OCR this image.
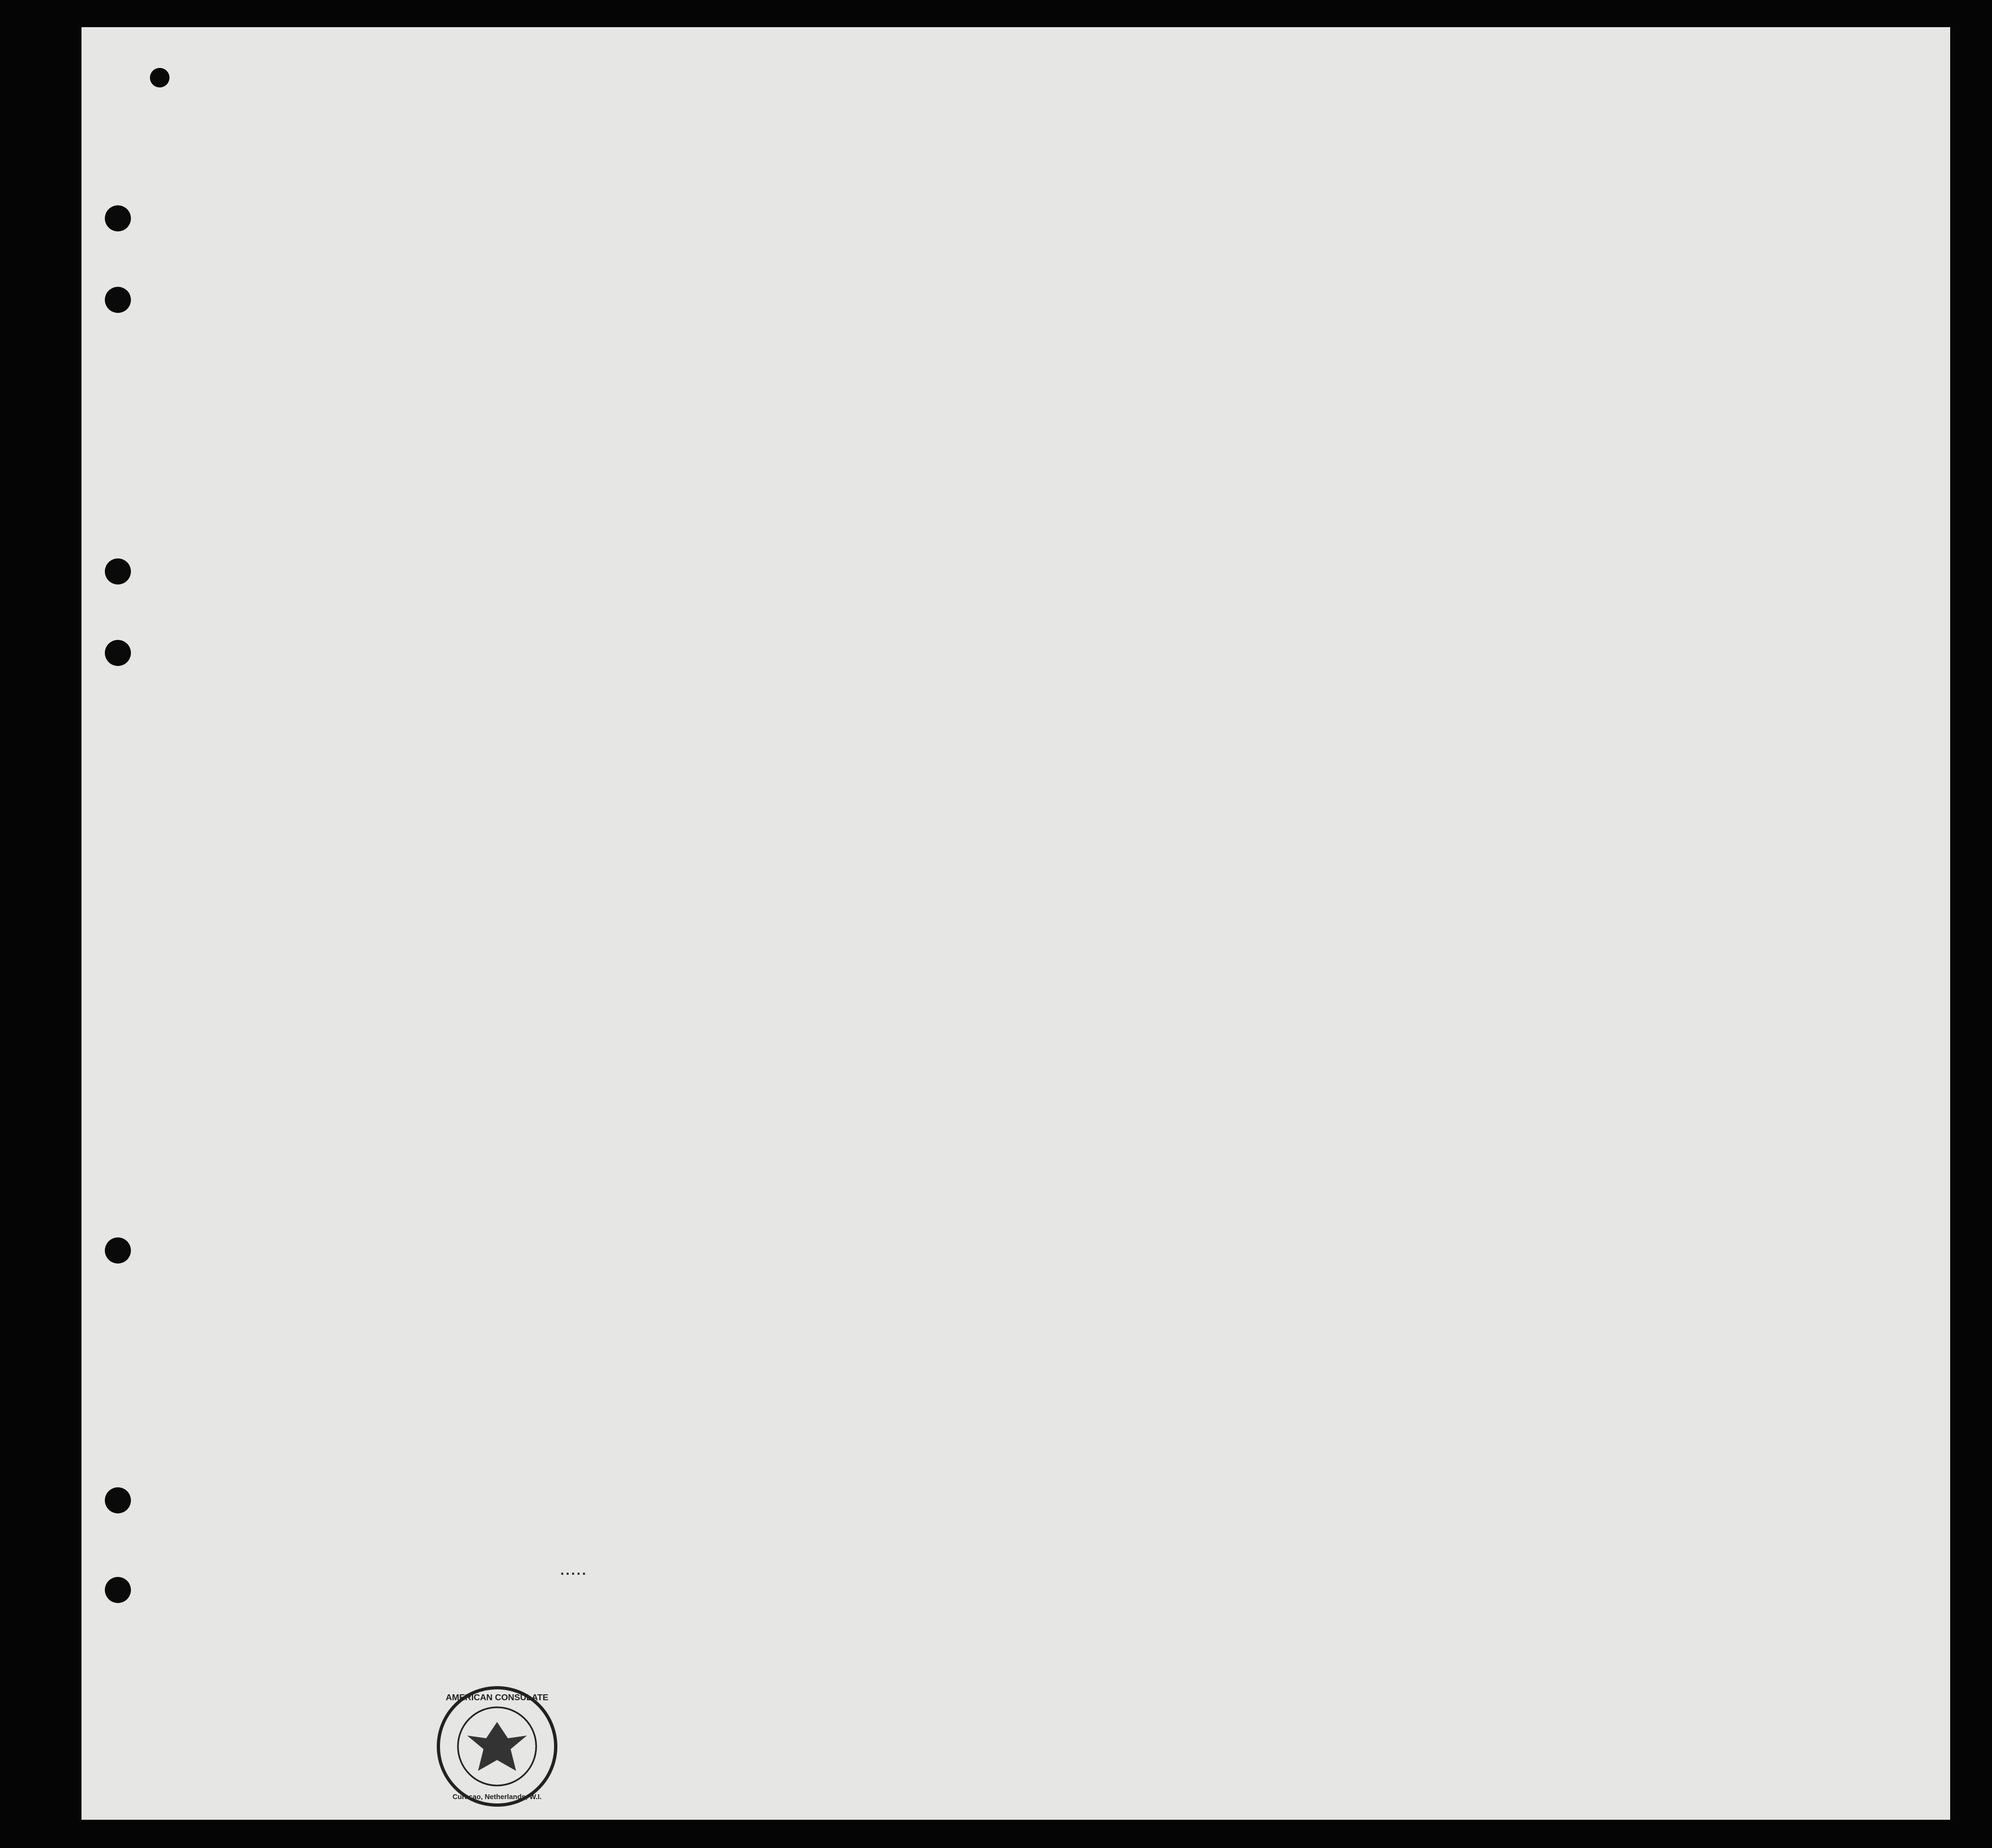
.....
AMERICAN CONSULATE
Curacao, Netherlands, W.I.
